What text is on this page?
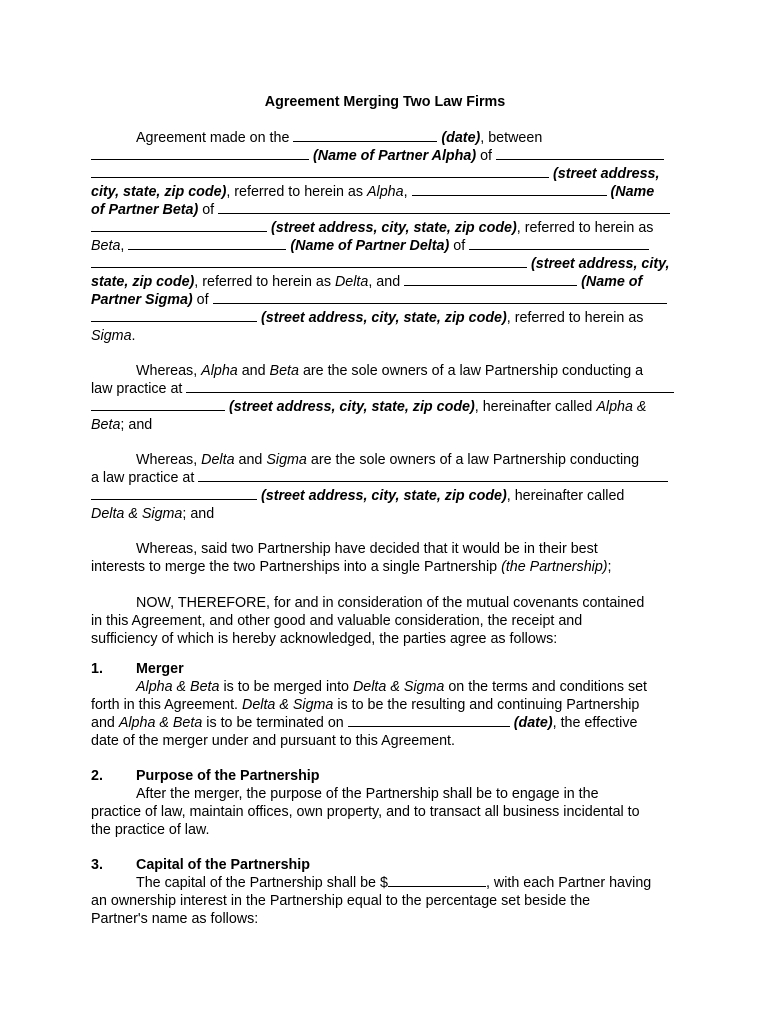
Agreement Merging Two Law Firms
Agreement made on the	(date), between
(Name of Partner Alpha) of
(street address,
city, state, zip code), referred to herein as Alpha,	(Name
of Partner Beta) of
(street address, city, state, zip code), referred to herein as
Beta,	(Name of Partner Delta) of
(street address, city,
state, zip code), referred to herein as Delta, and	(Name of
Partner Sigma) of
(street address, city, state, zip code), referred to herein as
Sigma.
Whereas, Alpha and Beta are the sole owners of a law Partnership conducting a
law practice at
(street address, city, state, zip code), hereinafter called Alpha &
Beta; and
Whereas, Delta and Sigma are the sole owners of a law Partnership conducting
a law practice at
(street address, city, state, zip code), hereinafter called
Delta & Sigma; and
Whereas, said two Partnership have decided that it would be in their best
interests to merge the two Partnerships into a single Partnership (the Partnership);
NOW, THEREFORE, for and in consideration of the mutual covenants contained
in this Agreement, and other good and valuable consideration, the receipt and
sufficiency of which is hereby acknowledged, the parties agree as follows:
1. Merger
Alpha & Beta is to be merged into Delta & Sigma on the terms and conditions set
forth in this Agreement. Delta & Sigma is to be the resulting and continuing Partnership
and Alpha & Beta is to be terminated on	(date), the effective
date of the merger under and pursuant to this Agreement.
2. Purpose of the Partnership
After the merger, the purpose of the Partnership shall be to engage in the
practice of law, maintain offices, own property, and to transact all business incidental to
the practice of law.
3. Capital of the Partnership
The capital of the Partnership shall be $	, with each Partner having
an ownership interest in the Partnership equal to the percentage set beside the
Partner's name as follows:
